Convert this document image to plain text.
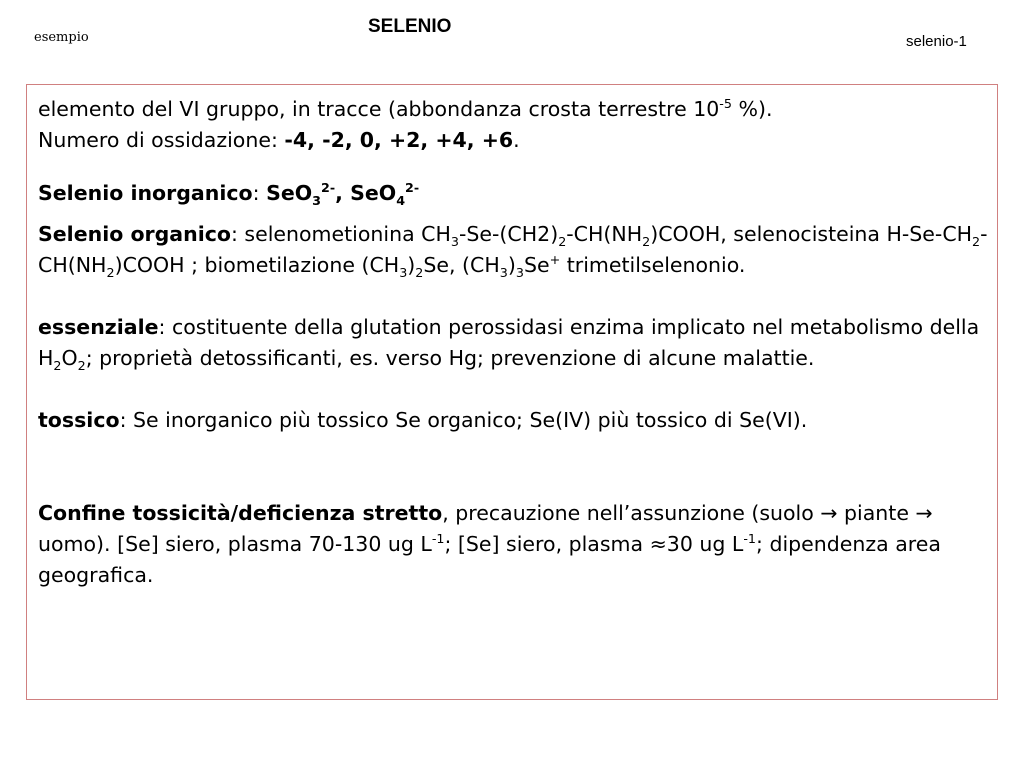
esempio
SELENIO
selenio-1

elemento del VI gruppo, in tracce (abbondanza crosta terrestre $10^{-5}$ %).
Numero di ossidazione: -4, -2, 0, +2, +4, +6.

Selenio inorganico: SeO$_3^{2-}$, SeO$_4^{2-}$

Selenio organico: selenometionina $CH_3-Se-(CH2)_2-CH(NH_2)COOH$, selenocisteina $H-Se-CH_2-$ $CH(NH_2)COOH$ ; biometilazione $(CH_3)_2Se$, $(CH_3)_3Se^+$ trimetilselenonio.

essenziale: costituente della glutation perossidasi enzima implicato nel metabolismo della $H_2O_2$; proprietà detossificanti, es. verso Hg; prevenzione di alcune malattie.

tossico: Se inorganico più tossico Se organico; Se(IV) più tossico di Se(VI).

Confine tossicità/deficienza stretto, precauzione nell’assunzione (suolo → piante → uomo). [Se] siero, plasma 70-130 ug $L^{-1}$; [Se] siero, plasma ≈30 ug $L^{-1}$; dipendenza area geografica.
